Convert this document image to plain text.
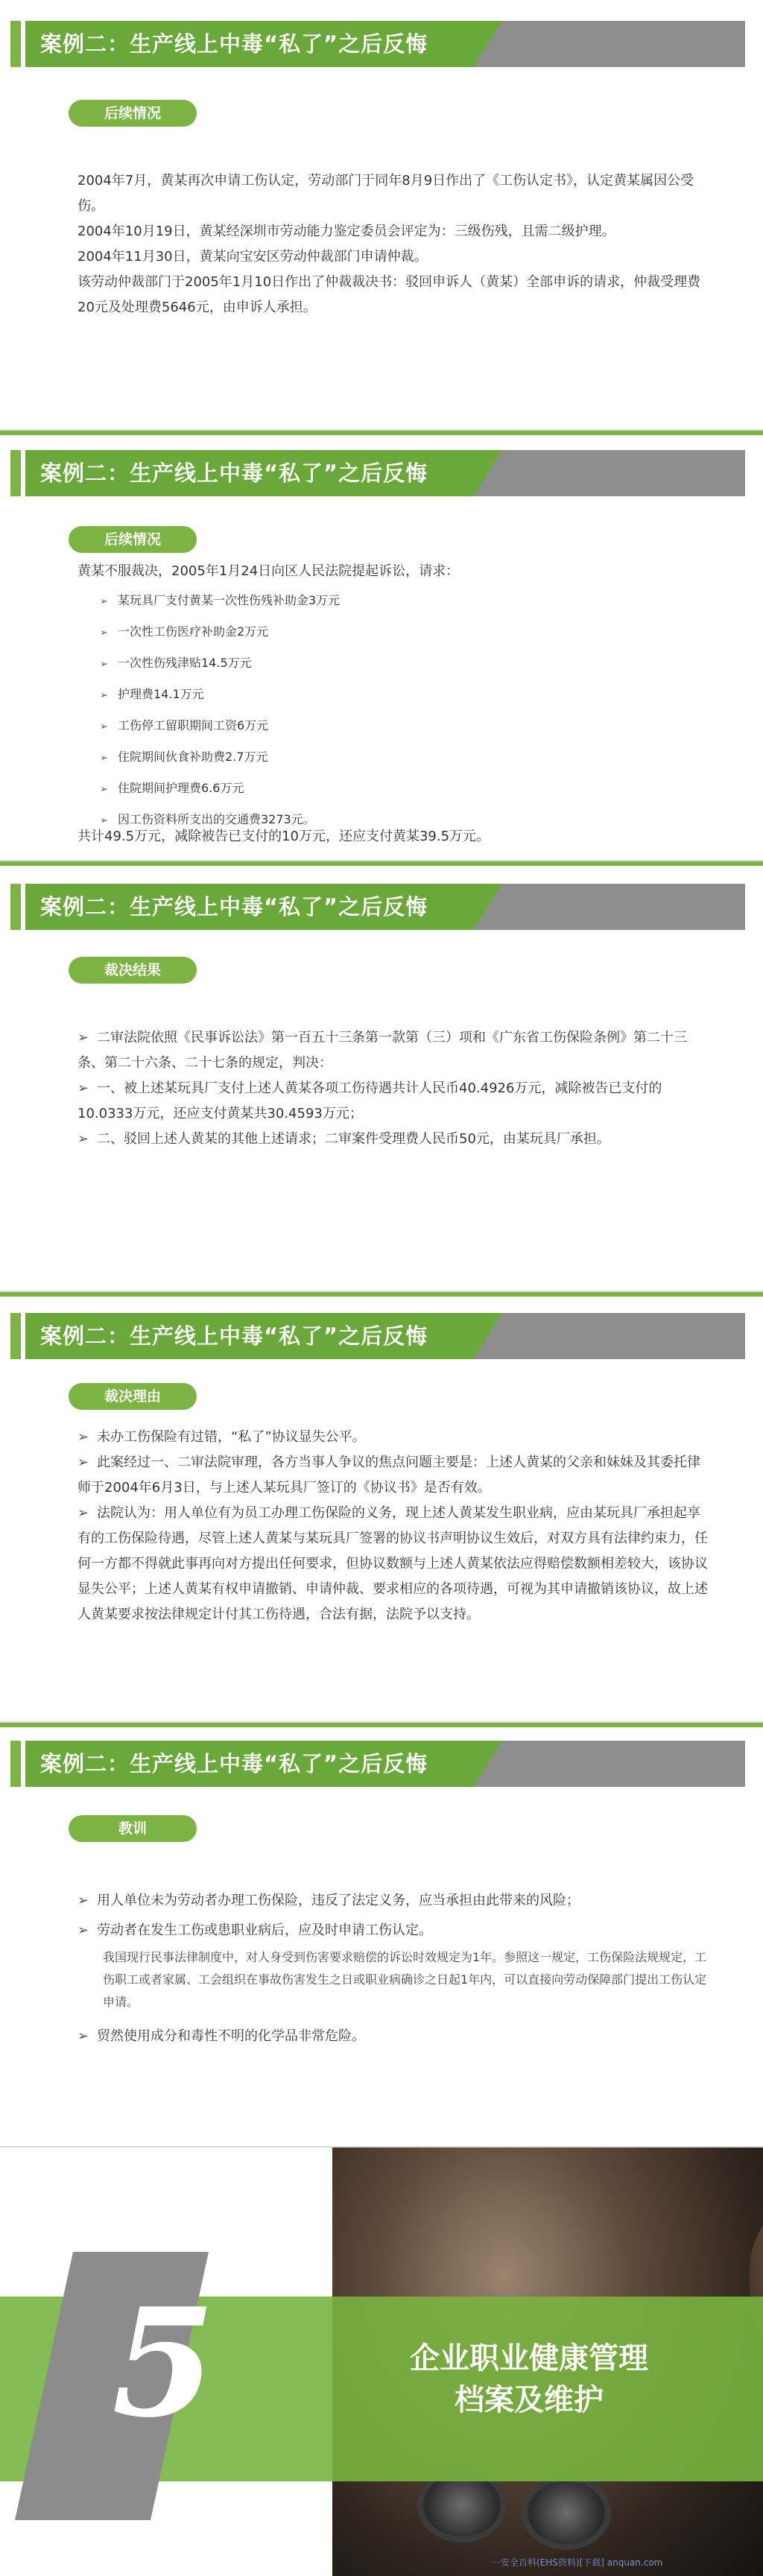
案例二：生产线上中毒“私了”之后反悔
后续情况

2004年7月，黄某再次申请工伤认定，劳动部门于同年8月9日作出了《工伤认定书》，认定黄某属因公受伤。

2004年10月19日，黄某经深圳市劳动能力鉴定委员会评定为：三级伤残，且需二级护理。

2004年11月30日，黄某向宝安区劳动仲裁部门申请仲裁。

该劳动仲裁部门于2005年1月10日作出了仲裁裁决书：驳回申诉人（黄某）全部申诉的请求，仲裁受理费20元及处理费5646元，由申诉人承担。

案例二：生产线上中毒“私了”之后反悔
后续情况
黄某不服裁决，2005年1月24日向区人民法院提起诉讼，请求：
➢ 某玩具厂支付黄某一次性伤残补助金3万元
➢ 一次性工伤医疗补助金2万元
➢ 一次性伤残津贴14.5万元
➢ 护理费14.1万元
➢ 工伤停工留职期间工资6万元
➢ 住院期间伙食补助费2.7万元
➢ 住院期间护理费6.6万元
➢ 因工伤资料所支出的交通费3273元。
共计49.5万元，减除被告已支付的10万元，还应支付黄某39.5万元。
案例二：生产线上中毒“私了”之后反悔
裁决结果
➢ 二审法院依照《民事诉讼法》第一百五十三条第一款第（三）项和《广东省工伤保险条例》第二十三条、第二十六条、二十七条的规定，判决：
➢ 一、被上述某玩具厂支付上述人黄某各项工伤待遇共计人民币40.4926万元，减除被告已支付的10.0333万元，还应支付黄某共30.4593万元；
➢ 二、驳回上述人黄某的其他上述请求；二审案件受理费人民币50元，由某玩具厂承担。
案例二：生产线上中毒“私了”之后反悔
裁决理由
➢ 未办工伤保险有过错，“私了”协议显失公平。
➢ 此案经过一、二审法院审理，各方当事人争议的焦点问题主要是：上述人黄某的父亲和妹妹及其委托律师于2004年6月3日，与上述人某玩具厂签订的《协议书》是否有效。
➢ 法院认为：用人单位有为员工办理工伤保险的义务，现上述人黄某发生职业病，应由某玩具厂承担起享有的工伤保险待遇，尽管上述人黄某与某玩具厂签署的协议书声明协议生效后，对双方具有法律约束力，任何一方都不得就此事再向对方提出任何要求，但协议数额与上述人黄某依法应得赔偿数额相差较大，该协议显失公平；上述人黄某有权申请撤销、申请仲裁、要求相应的各项待遇，可视为其申请撤销该协议，故上述人黄某要求按法律规定计付其工伤待遇，合法有据，法院予以支持。
案例二：生产线上中毒“私了”之后反悔
教训
➢ 用人单位未为劳动者办理工伤保险，违反了法定义务，应当承担由此带来的风险；
➢ 劳动者在发生工伤或患职业病后，应及时申请工伤认定。

我国现行民事法律制度中，对人身受到伤害要求赔偿的诉讼时效规定为1年。参照这一规定，工伤保险法规规定，工伤职工或者家属、工会组织在事故伤害发生之日或职业病确诊之日起1年内，可以直接向劳动保障部门提出工伤认定申请。

➢ 贸然使用成分和毒性不明的化学品非常危险。
5	企业职业健康管理
档案及维护
一安全百科(EHS资料)[下载] anquan.com
